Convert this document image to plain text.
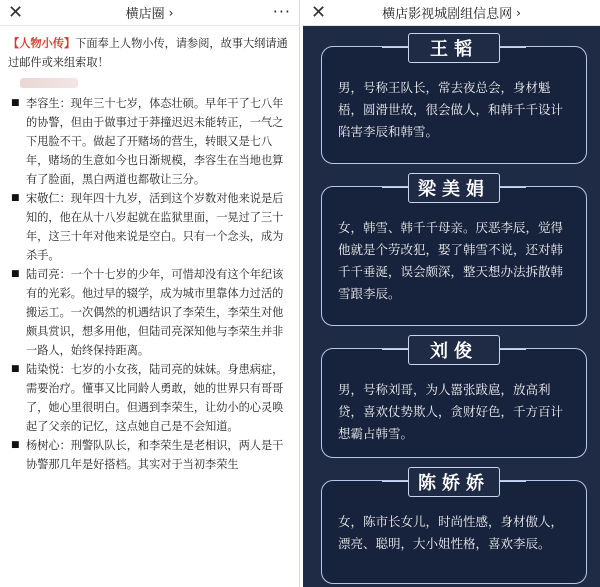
✕	横店圈 ›	···

【人物小传】下面奉上人物小传，请参阅，故事大纲请通过邮件或来组索取！

■ 李容生：现年三十七岁，体态壮硕。早年干了七八年的协警，但由于做事过于莽撞迟迟未能转正，一气之下甩脸不干。做起了开赌场的营生，转眼又是七八年，赌场的生意如今也日渐规模，李容生在当地也算有了脸面，黑白两道也都敬让三分。
■ 宋敬仁：现年四十九岁，活到这个岁数对他来说是后知的，他在从十八岁起就在监狱里面，一晃过了三十年，这三十年对他来说是空白。只有一个念头，成为杀手。
■ 陆司亮：一个十七岁的少年，可惜却没有这个年纪该有的光彩。他过早的辍学，成为城市里靠体力过活的搬运工。一次偶然的机遇结识了李荣生，李荣生对他颇具赏识，想多用他，但陆司亮深知他与李荣生并非一路人，始终保持距离。
■ 陆染悦：七岁的小女孩，陆司亮的妹妹。身患病症，需要治疗。懂事又比同龄人勇敢，她的世界只有哥哥了，她心里很明白。但遇到李荣生，让幼小的心灵唤起了父亲的记忆，这点她自己是不会知道。
■ 杨树心：刑警队队长，和李荣生是老相识，两人是干协警那几年是好搭档。其实对于当初李荣生
✕	横店影视城剧组信息网 ›
王韬

男，号称王队长，常去夜总会，身材魁梧，圆滑世故，很会做人，和韩千千设计陷害李辰和韩雪。

梁美娟

女，韩雪、韩千千母亲。厌恶李辰，觉得他就是个劳改犯，娶了韩雪不说，还对韩千千垂涎，误会颇深，整天想办法拆散韩雪跟李辰。

刘俊

男，号称刘哥，为人嚣张跋扈，放高利贷，喜欢仗势欺人，贪财好色，千方百计想霸占韩雪。

陈娇娇

女，陈市长女儿，时尚性感，身材傲人，漂亮、聪明，大小姐性格，喜欢李辰。
